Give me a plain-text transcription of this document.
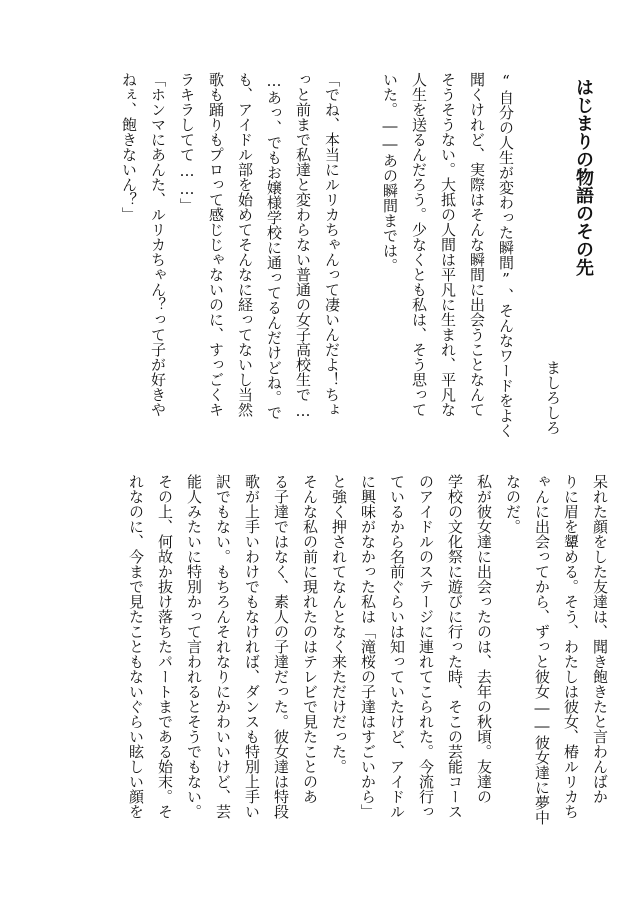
はじまりの物語のその先
ましろしろ
“自分の人生が変わった瞬間”、そんなワードをよく
聞くけれど、実際はそんな瞬間に出会うことなんて
そうそうない。大抵の人間は平凡に生まれ、平凡な
人生を送るんだろう。少なくとも私は、そう思って
いた。――あの瞬間までは。
「でね、本当にルリカちゃんって凄いんだよ！ちょ
っと前まで私達と変わらない普通の女子高校生で…
…あっ、でもお嬢様学校に通ってるんだけどね。で
も、アイドル部を始めてそんなに経ってないし当然
歌も踊りもプロって感じじゃないのに、すっごくキ
ラキラしてて……」
「ホンマにあんた、ルリカちゃん？って子が好きや
ねぇ、飽きないん？」
呆れた顔をした友達は、聞き飽きたと言わんばか
りに眉を顰める。そう、わたしは彼女、椿ルリカち
ゃんに出会ってから、ずっと彼女――彼女達に夢中
なのだ。
私が彼女達に出会ったのは、去年の秋頃。友達の
学校の文化祭に遊びに行った時、そこの芸能コース
のアイドルのステージに連れてこられた。今流行っ
ているから名前ぐらいは知っていたけど、アイドル
に興味がなかった私は「滝桜の子達はすごいから」
と強く押されてなんとなく来ただけだった。
そんな私の前に現れたのはテレビで見たことのあ
る子達ではなく、素人の子達だった。彼女達は特段
歌が上手いわけでもなければ、ダンスも特別上手い
訳でもない。もちろんそれなりにかわいいけど、芸
能人みたいに特別かって言われるとそうでもない。
その上、何故か抜け落ちたパートまである始末。そ
れなのに、今まで見たこともないぐらい眩しい顔を
